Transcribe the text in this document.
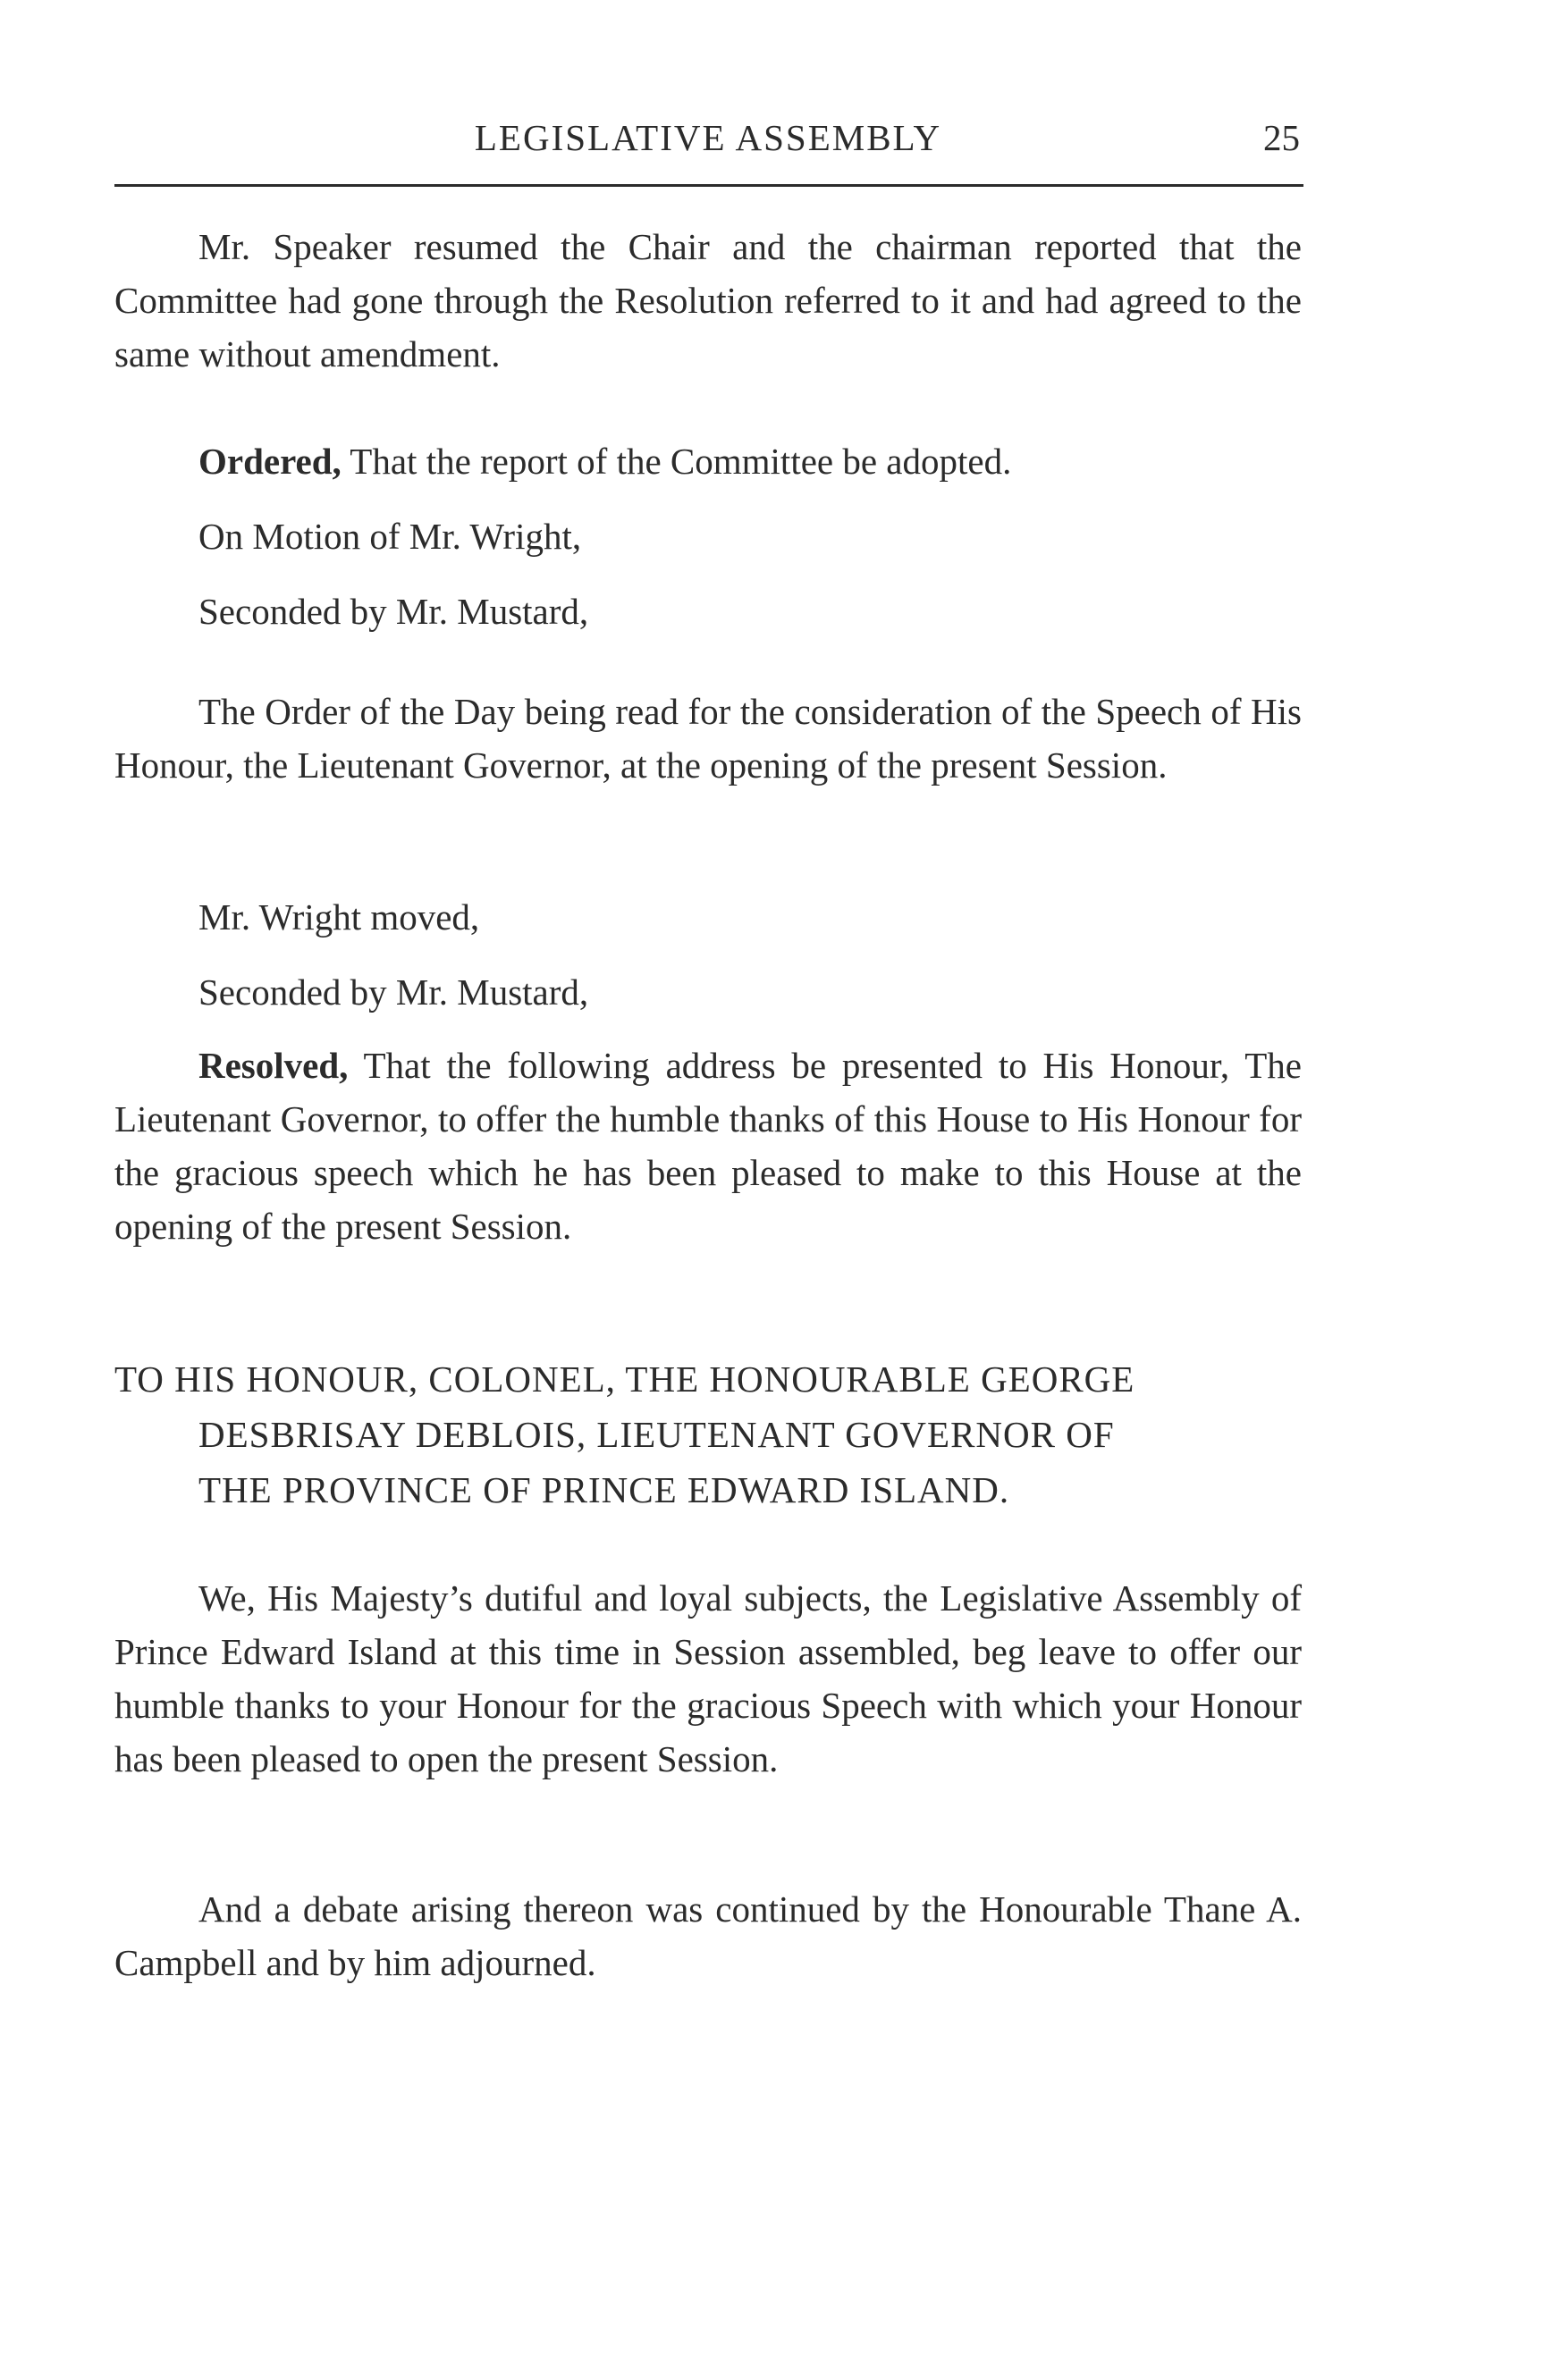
LEGISLATIVE ASSEMBLY	25
Mr. Speaker resumed the Chair and the chairman reported that the Committee had gone through the Resolution referred to it and had agreed to the same without amendment.
Ordered, That the report of the Committee be adopted.
On Motion of Mr. Wright,
Seconded by Mr. Mustard,
The Order of the Day being read for the consideration of the Speech of His Honour, the Lieutenant Governor, at the opening of the present Session.
Mr. Wright moved,
Seconded by Mr. Mustard,
Resolved, That the following address be presented to His Honour, The Lieutenant Governor, to offer the humble thanks of this House to His Honour for the gracious speech which he has been pleased to make to this House at the opening of the present Session.
TO HIS HONOUR, COLONEL, THE HONOURABLE GEORGE
DESBRISAY DEBLOIS, LIEUTENANT GOVERNOR OF
THE PROVINCE OF PRINCE EDWARD ISLAND.
We, His Majesty’s dutiful and loyal subjects, the Legislative Assembly of Prince Edward Island at this time in Session assembled, beg leave to offer our humble thanks to your Honour for the gracious Speech with which your Honour has been pleased to open the present Session.
And a debate arising thereon was continued by the Honourable Thane A. Campbell and by him adjourned.
